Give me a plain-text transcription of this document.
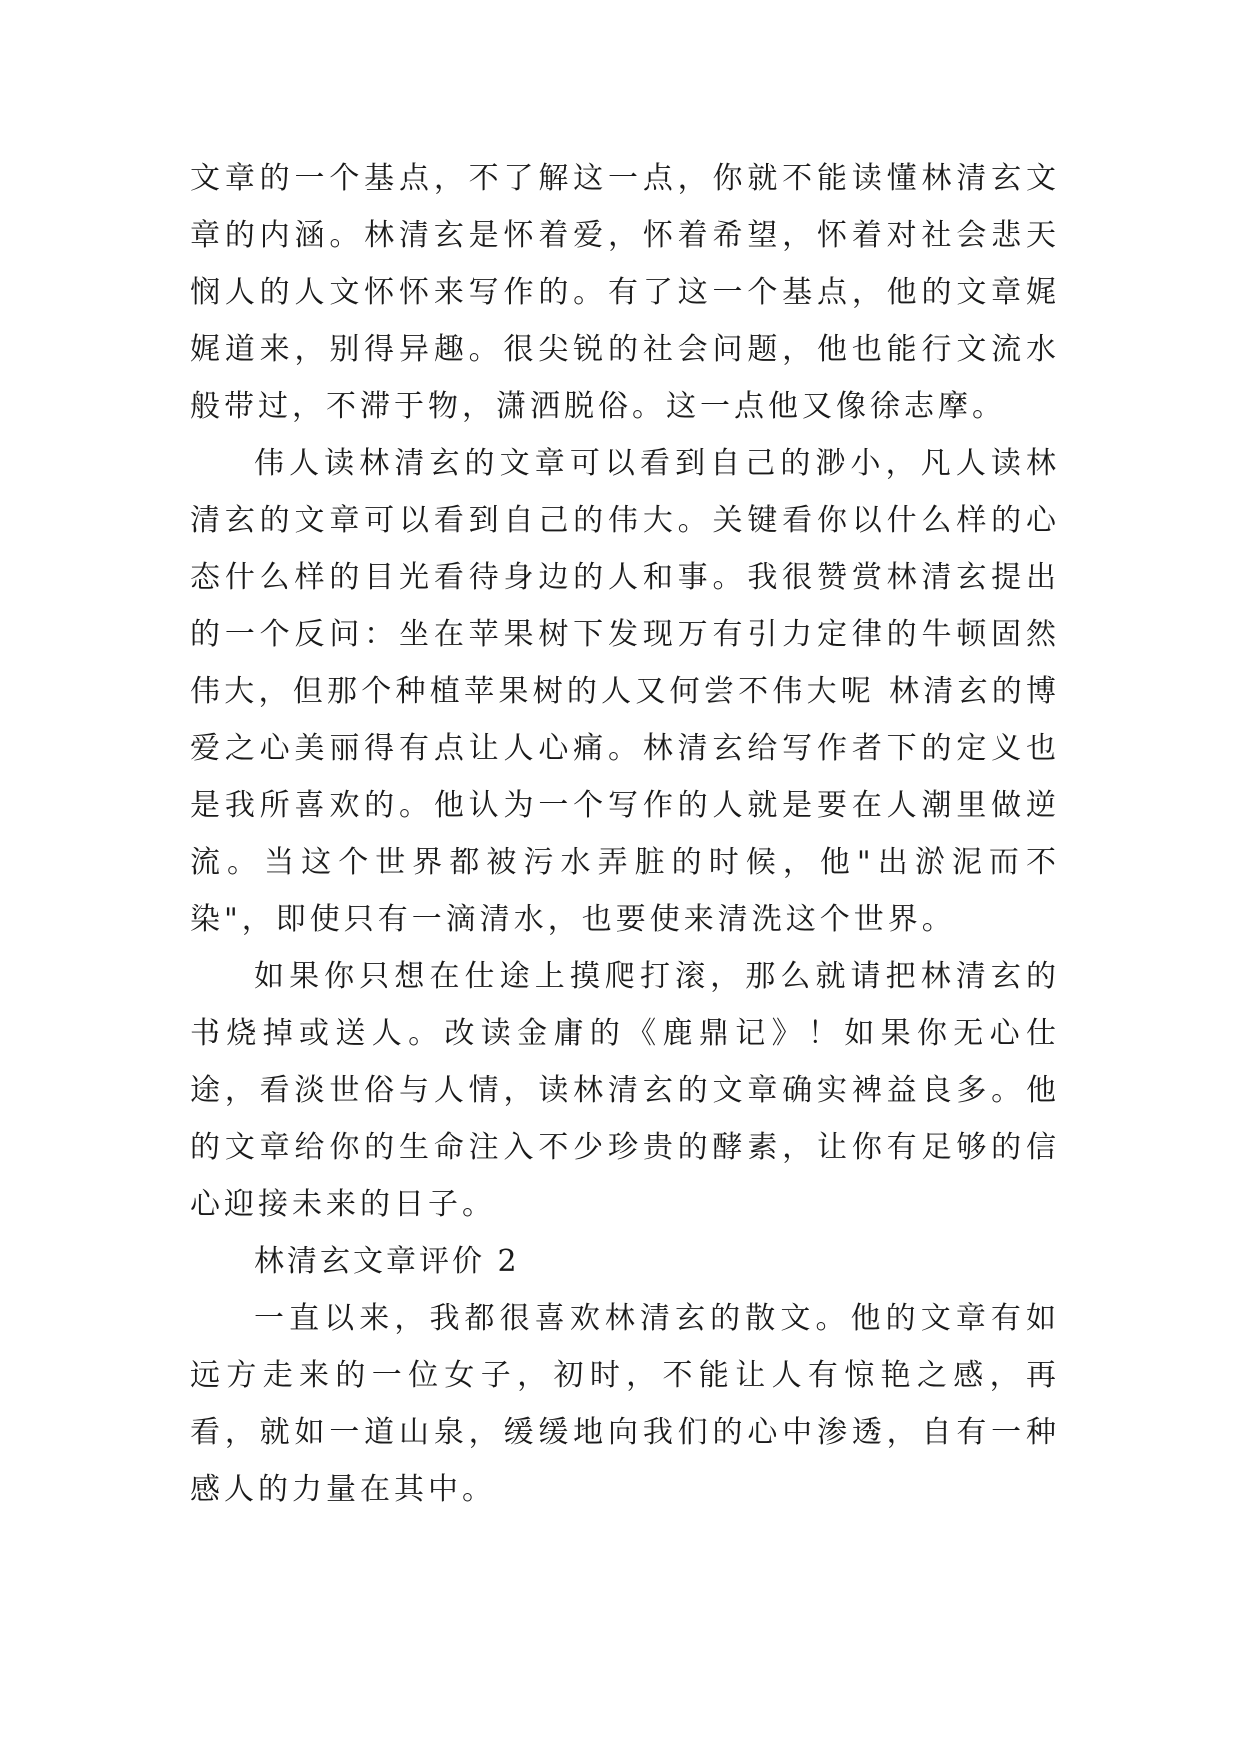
文章的一个基点，不了解这一点，你就不能读懂林清玄文章的内涵。林清玄是怀着爱，怀着希望，怀着对社会悲天悯人的人文怀怀来写作的。有了这一个基点，他的文章娓娓道来，别得异趣。很尖锐的社会问题，他也能行文流水般带过，不滞于物，潇洒脱俗。这一点他又像徐志摩。

伟人读林清玄的文章可以看到自己的渺小，凡人读林清玄的文章可以看到自己的伟大。关键看你以什么样的心态什么样的目光看待身边的人和事。我很赞赏林清玄提出的一个反问：坐在苹果树下发现万有引力定律的牛顿固然伟大，但那个种植苹果树的人又何尝不伟大呢 林清玄的博爱之心美丽得有点让人心痛。林清玄给写作者下的定义也是我所喜欢的。他认为一个写作的人就是要在人潮里做逆流。当这个世界都被污水弄脏的时候，他"出淤泥而不染"，即使只有一滴清水，也要使来清洗这个世界。

如果你只想在仕途上摸爬打滚，那么就请把林清玄的书烧掉或送人。改读金庸的《鹿鼎记》！如果你无心仕途，看淡世俗与人情，读林清玄的文章确实裨益良多。他的文章给你的生命注入不少珍贵的酵素，让你有足够的信心迎接未来的日子。

林清玄文章评价 2

一直以来，我都很喜欢林清玄的散文。他的文章有如远方走来的一位女子，初时，不能让人有惊艳之感，再看，就如一道山泉，缓缓地向我们的心中渗透，自有一种感人的力量在其中。
